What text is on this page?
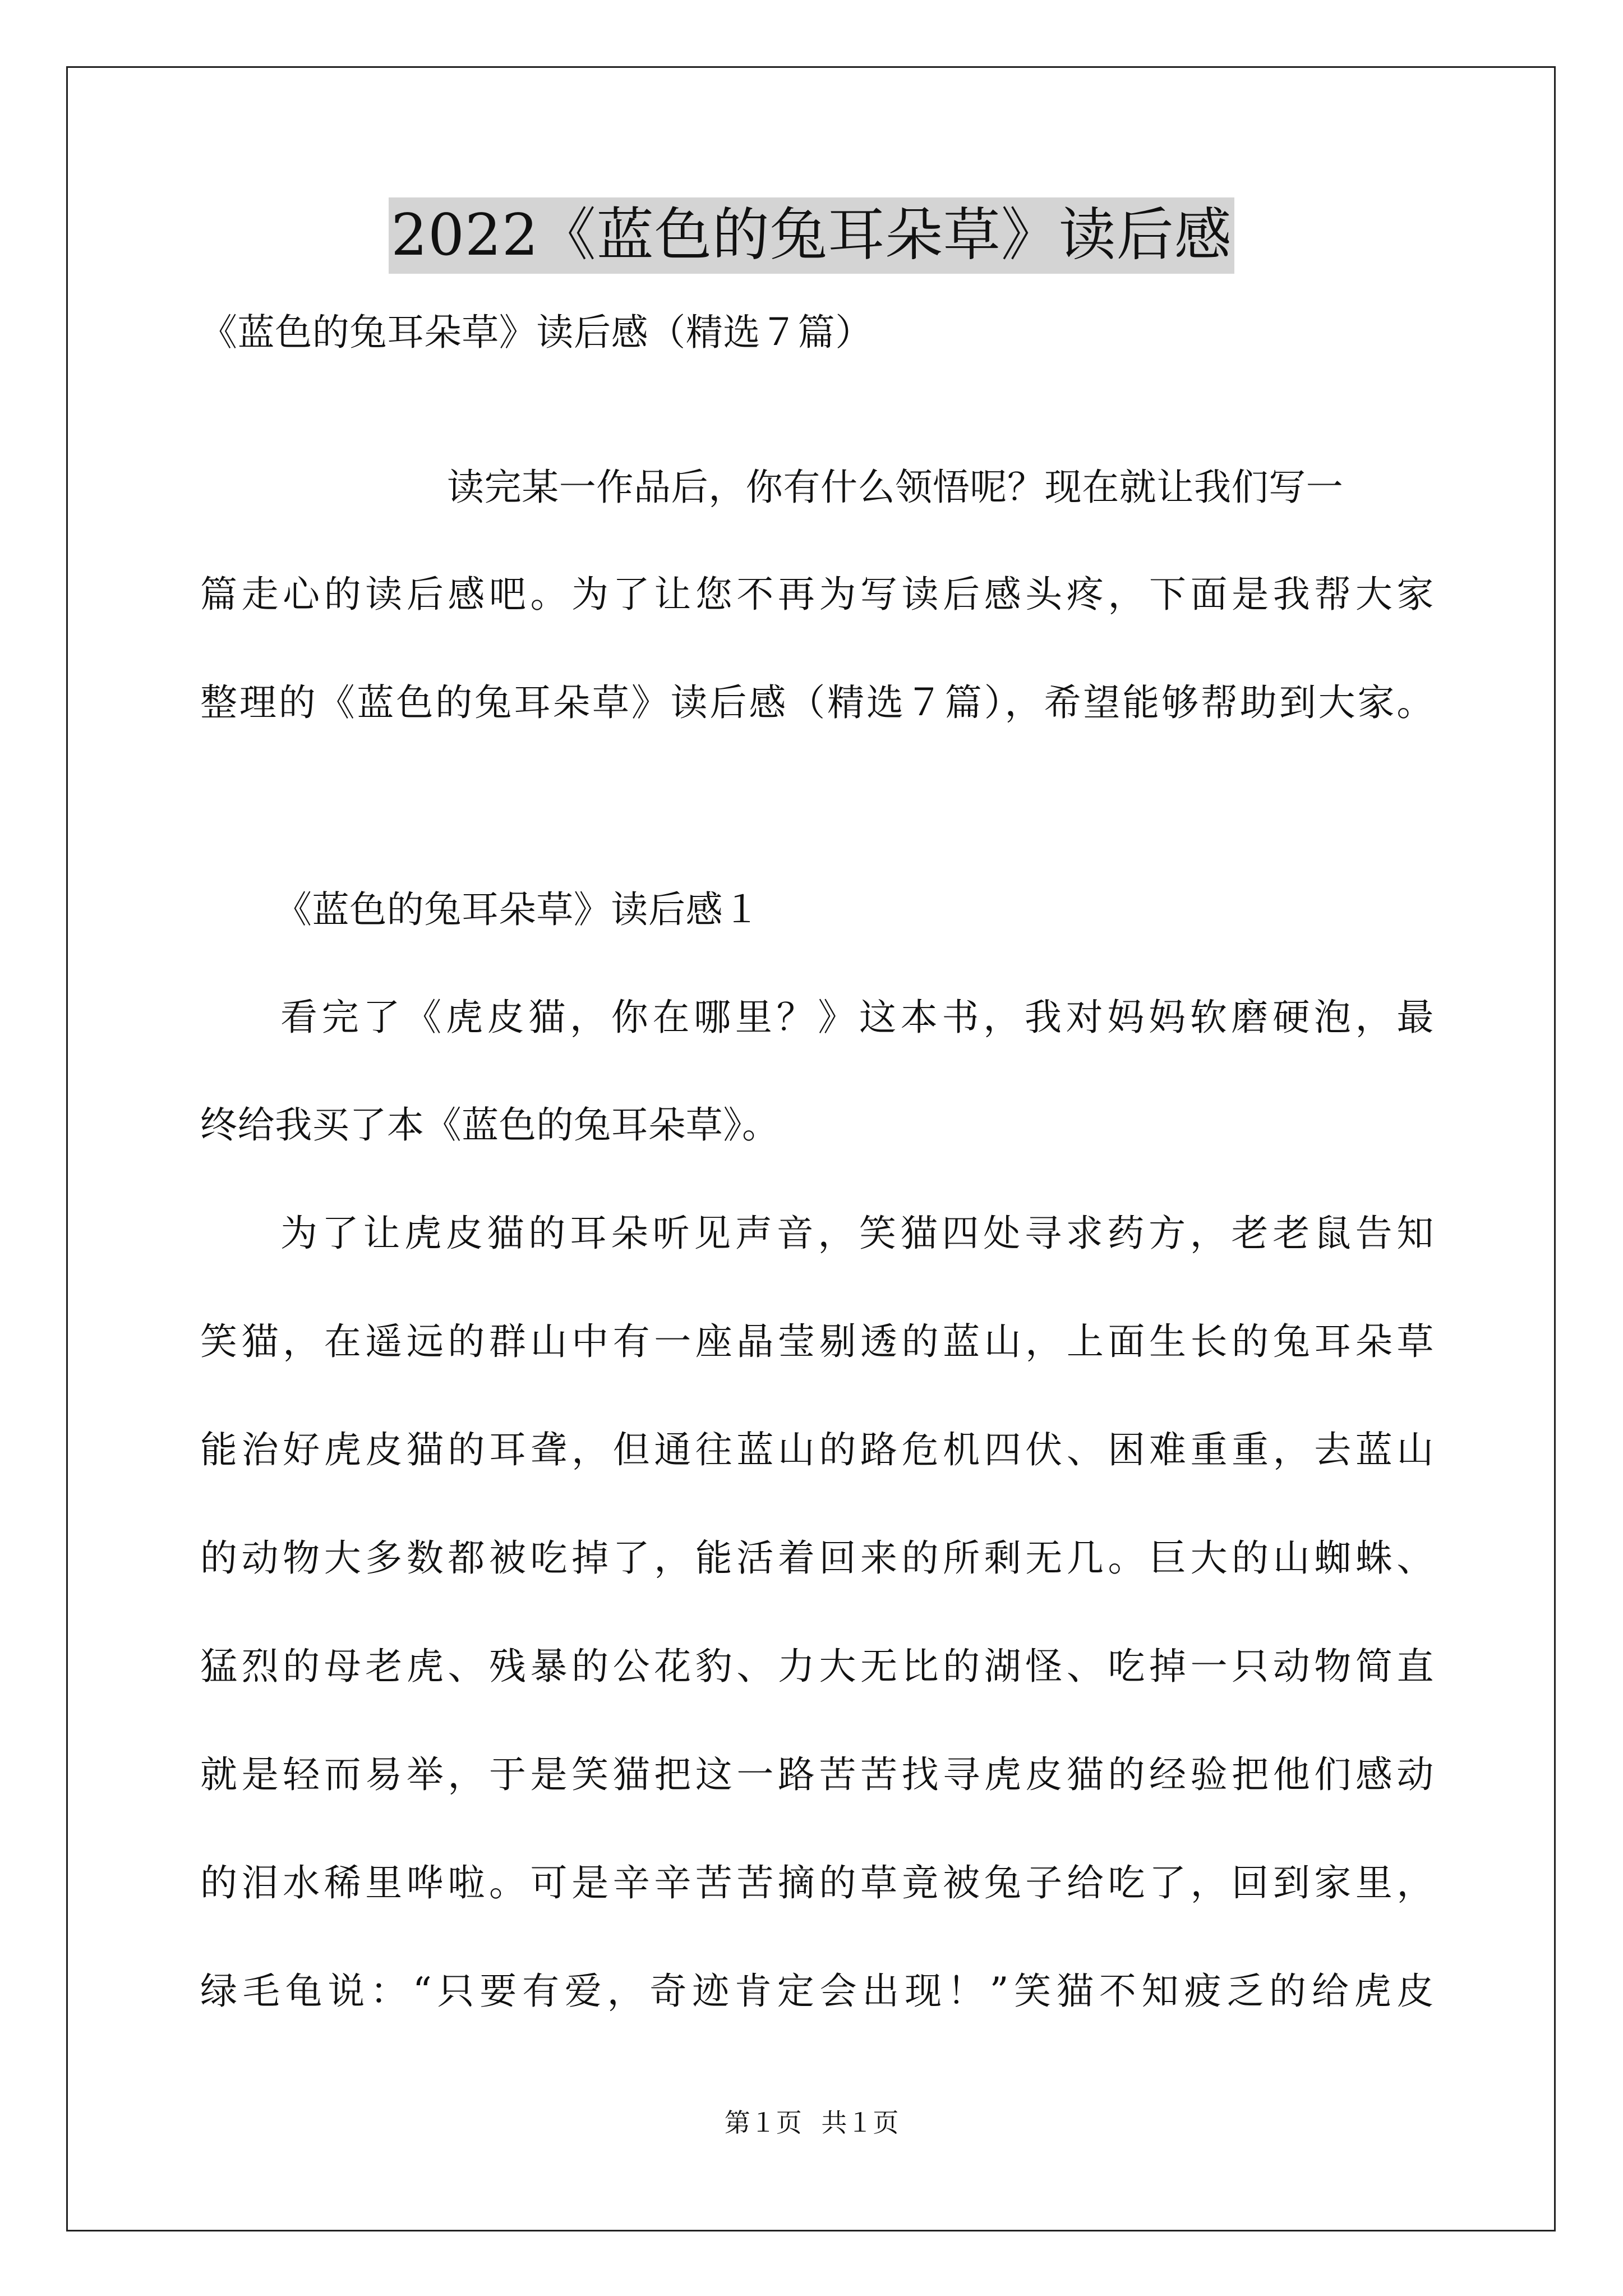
2022《蓝色的兔耳朵草》读后感
《蓝色的兔耳朵草》读后感（精选７篇）
读完某一作品后，你有什么领悟呢？现在就让我们写一
篇走心的读后感吧。为了让您不再为写读后感头疼，下面是我帮大家
整理的《蓝色的兔耳朵草》读后感（精选７篇），希望能够帮助到大家。
《蓝色的兔耳朵草》读后感１
看完了《虎皮猫，你在哪里？》这本书，我对妈妈软磨硬泡，最
终给我买了本《蓝色的兔耳朵草》。
为了让虎皮猫的耳朵听见声音，笑猫四处寻求药方，老老鼠告知
笑猫，在遥远的群山中有一座晶莹剔透的蓝山，上面生长的兔耳朵草
能治好虎皮猫的耳聋，但通往蓝山的路危机四伏、困难重重，去蓝山
的动物大多数都被吃掉了，能活着回来的所剩无几。巨大的山蜘蛛、
猛烈的母老虎、残暴的公花豹、力大无比的湖怪、吃掉一只动物简直
就是轻而易举，于是笑猫把这一路苦苦找寻虎皮猫的经验把他们感动
的泪水稀里哗啦。可是辛辛苦苦摘的草竟被兔子给吃了，回到家里，
绿毛龟说：“只要有爱，奇迹肯定会出现！”笑猫不知疲乏的给虎皮
第１页 共１页
